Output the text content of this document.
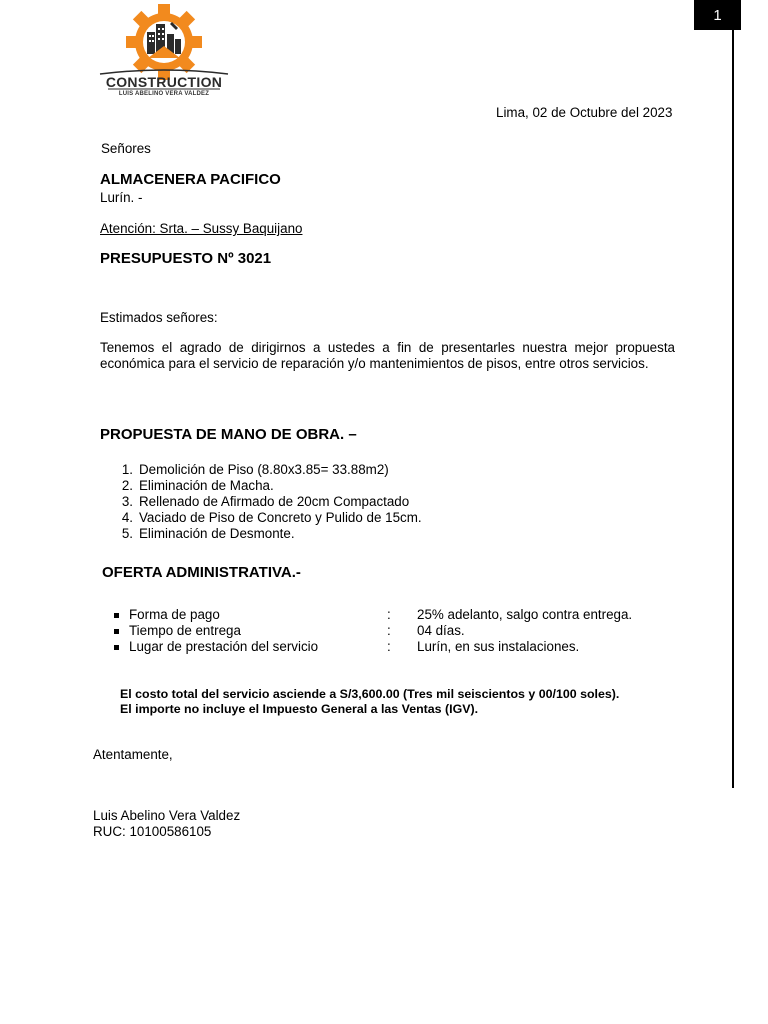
1
CONSTRUCTION
LUIS ABELINO VERA VALDEZ
Lima, 02 de Octubre del 2023
Señores
ALMACENERA PACIFICO
Lurín. -
Atención: Srta. – Sussy Baquijano
PRESUPUESTO Nº 3021
Estimados señores:
Tenemos el agrado de dirigirnos a ustedes a fin de presentarles nuestra mejor propuesta económica para el servicio de reparación y/o mantenimientos de pisos, entre otros servicios.
PROPUESTA DE MANO DE OBRA. –
1. Demolición de Piso (8.80x3.85= 33.88m2)
2. Eliminación de Macha.
3. Rellenado de Afirmado de 20cm Compactado
4. Vaciado de Piso de Concreto y Pulido de 15cm.
5. Eliminación de Desmonte.
OFERTA ADMINISTRATIVA.-
Forma de pago	: 25% adelanto, salgo contra entrega.
Tiempo de entrega	: 04 días.
Lugar de prestación del servicio	: Lurín, en sus instalaciones.
El costo total del servicio asciende a S/3,600.00 (Tres mil seiscientos y 00/100 soles).
El importe no incluye el Impuesto General a las Ventas (IGV).
Atentamente,
Luis Abelino Vera Valdez
RUC: 10100586105
